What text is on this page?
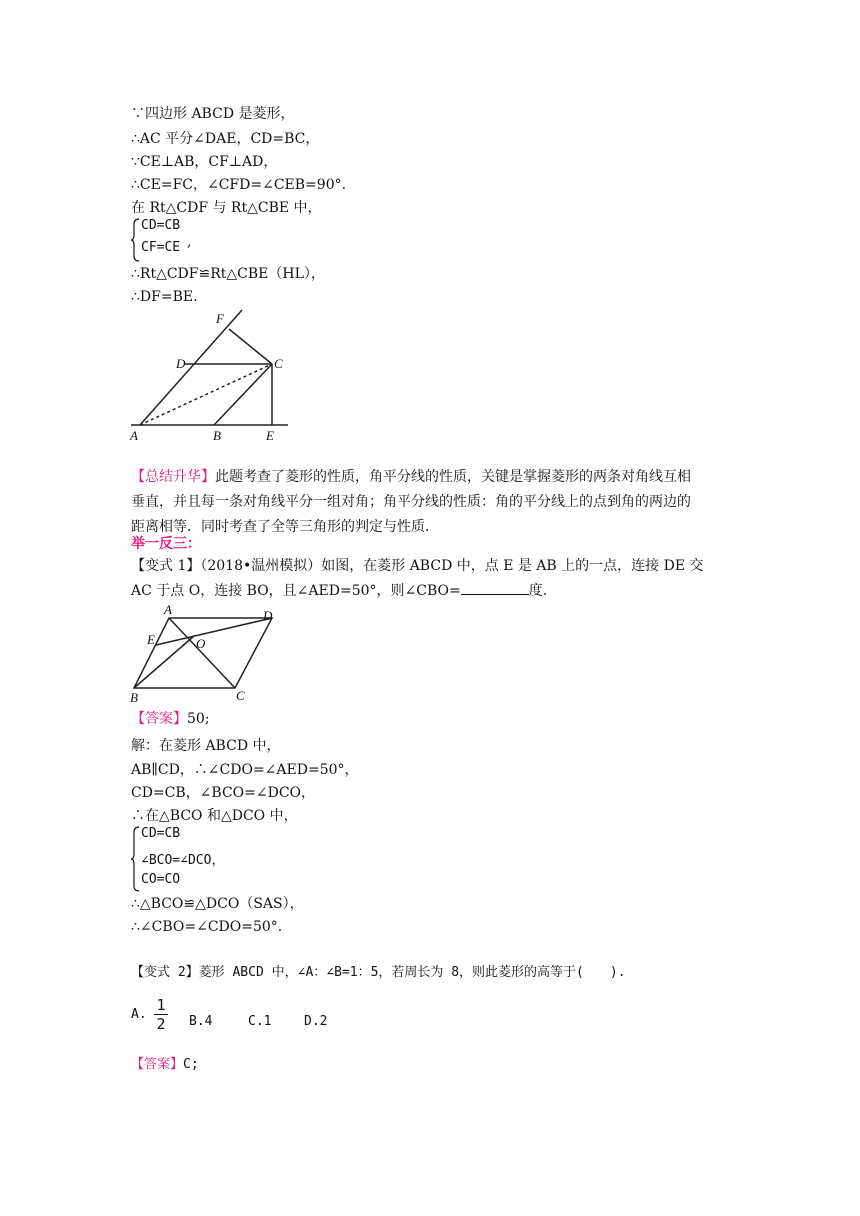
∵四边形 ABCD 是菱形，
∴AC 平分∠DAE，CD=BC，
∵CE⊥AB，CF⊥AD，
∴CE=FC，∠CFD=∠CEB=90°.
在 Rt△CDF 与 Rt△CBE 中，
CD=CB
CF=CE ,
∴Rt△CDF≌Rt△CBE（HL），
∴DF=BE.
F
D	C
A	B	E
【总结升华】此题考查了菱形的性质，角平分线的性质，关键是掌握菱形的两条对角线互相
垂直，并且每一条对角线平分一组对角；角平分线的性质：角的平分线上的点到角的两边的
距离相等．同时考查了全等三角形的判定与性质．
举一反三：
【变式 1】（2018•温州模拟）如图，在菱形 ABCD 中，点 E 是 AB 上的一点，连接 DE 交
AC 于点 O，连接 BO，且∠AED=50°，则∠CBO=	度.
A	D
E	O
B	C
【答案】50;
解：在菱形 ABCD 中，
AB∥CD，∴∠CDO=∠AED=50°，
CD=CB，∠BCO=∠DCO，
∴在△BCO 和△DCO 中，
CD=CB
∠BCO=∠DCO，
CO=CO
∴△BCO≌△DCO（SAS），
∴∠CBO=∠CDO=50°.
【变式 2】菱形 ABCD 中，∠A：∠B=1：5，若周长为 8，则此菱形的高等于(　　).
A. $\frac{1}{2} B.4$	C.1	D.2
【答案】C;
